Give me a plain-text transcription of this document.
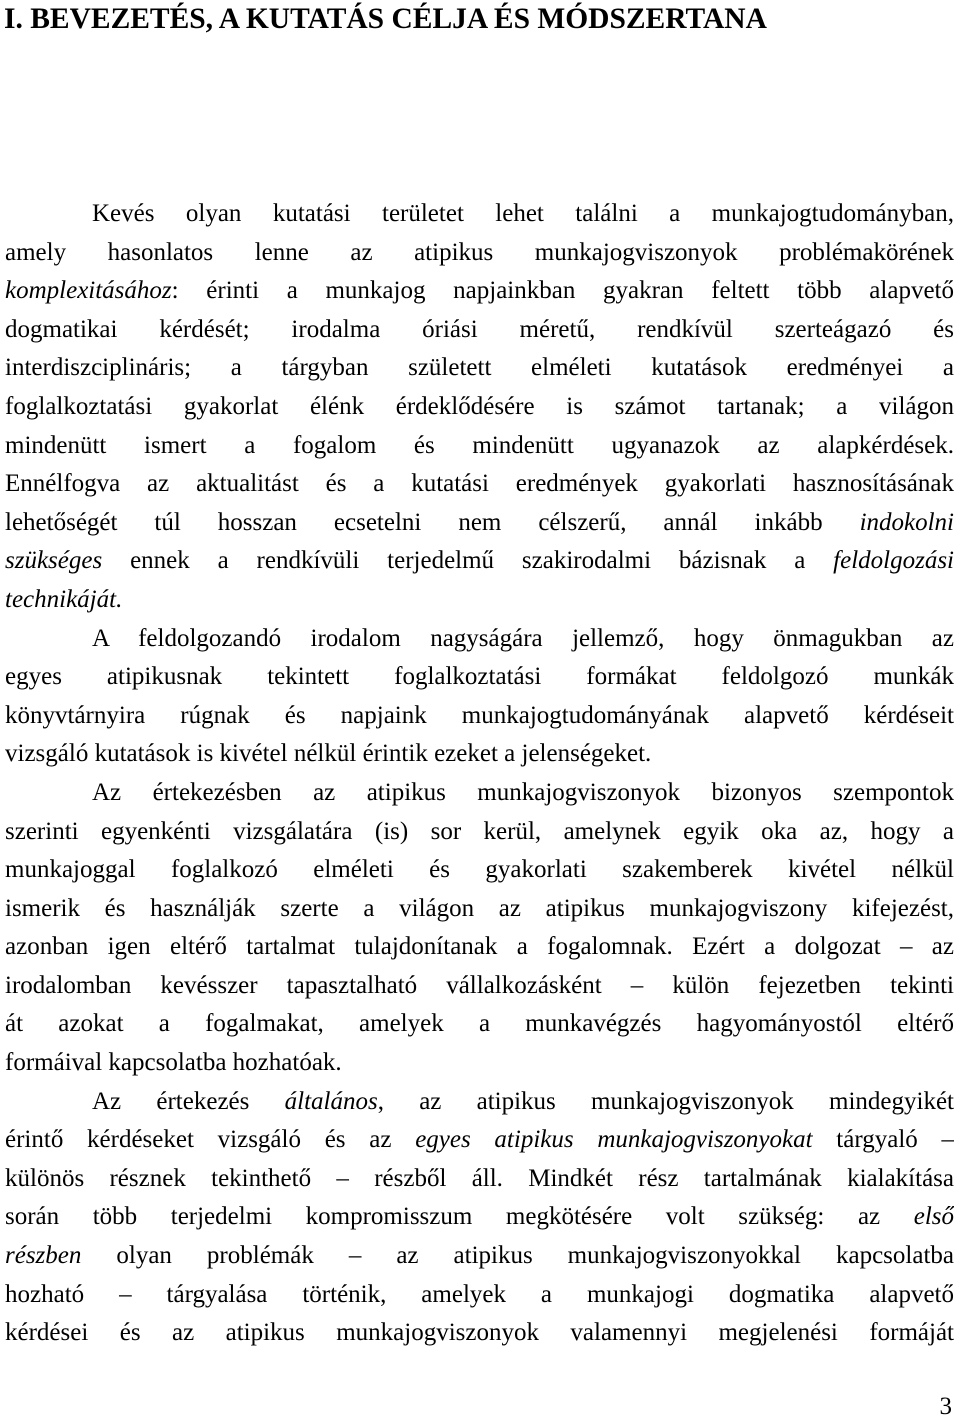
I. BEVEZETÉS, A KUTATÁS CÉLJA ÉS MÓDSZERTANA
Kevés olyan kutatási területet lehet találni a munkajogtudományban,
amely hasonlatos lenne az atipikus munkajogviszonyok problémakörének
komplexitásához: érinti a munkajog napjainkban gyakran feltett több alapvető
dogmatikai kérdését; irodalma óriási méretű, rendkívül szerteágazó és
interdiszciplináris; a tárgyban született elméleti kutatások eredményei a
foglalkoztatási gyakorlat élénk érdeklődésére is számot tartanak; a világon
mindenütt ismert a fogalom és mindenütt ugyanazok az alapkérdések.
Ennélfogva az aktualitást és a kutatási eredmények gyakorlati hasznosításának
lehetőségét túl hosszan ecsetelni nem célszerű, annál inkább indokolni
szükséges ennek a rendkívüli terjedelmű szakirodalmi bázisnak a feldolgozási
technikáját.
A feldolgozandó irodalom nagyságára jellemző, hogy önmagukban az
egyes atipikusnak tekintett foglalkoztatási formákat feldolgozó munkák
könyvtárnyira rúgnak és napjaink munkajogtudományának alapvető kérdéseit
vizsgáló kutatások is kivétel nélkül érintik ezeket a jelenségeket.
Az értekezésben az atipikus munkajogviszonyok bizonyos szempontok
szerinti egyenkénti vizsgálatára (is) sor kerül, amelynek egyik oka az, hogy a
munkajoggal foglalkozó elméleti és gyakorlati szakemberek kivétel nélkül
ismerik és használják szerte a világon az atipikus munkajogviszony kifejezést,
azonban igen eltérő tartalmat tulajdonítanak a fogalomnak. Ezért a dolgozat – az
irodalomban kevésszer tapasztalható vállalkozásként – külön fejezetben tekinti
át azokat a fogalmakat, amelyek a munkavégzés hagyományostól eltérő
formáival kapcsolatba hozhatóak.
Az értekezés általános, az atipikus munkajogviszonyok mindegyikét
érintő kérdéseket vizsgáló és az egyes atipikus munkajogviszonyokat tárgyaló –
különös résznek tekinthető – részből áll. Mindkét rész tartalmának kialakítása
során több terjedelmi kompromisszum megkötésére volt szükség: az első
részben olyan problémák – az atipikus munkajogviszonyokkal kapcsolatba
hozható – tárgyalása történik, amelyek a munkajogi dogmatika alapvető
kérdései és az atipikus munkajogviszonyok valamennyi megjelenési formáját
3
